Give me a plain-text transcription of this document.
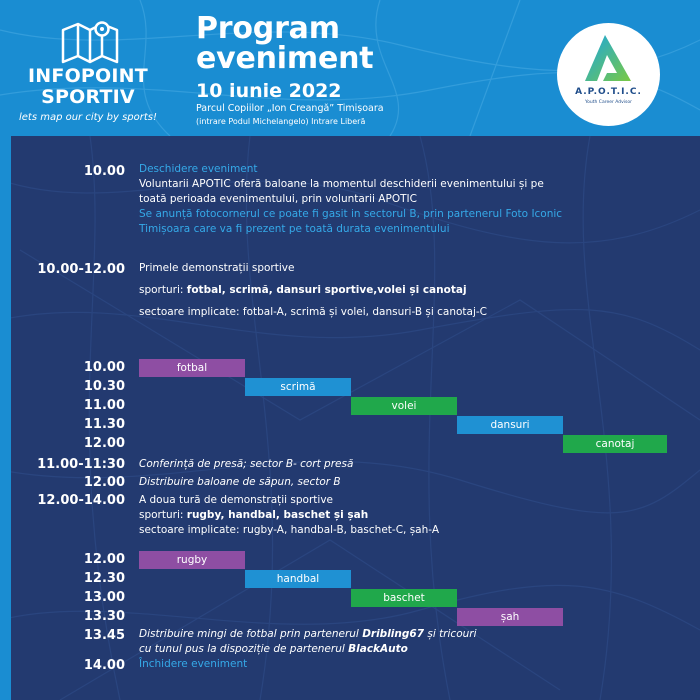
INFOPOINT
SPORTIV
lets map our city by sports!
Program
eveniment
10 iunie 2022
Parcul Copiilor „Ion Creangă” Timișoara
(intrare Podul Michelangelo) Intrare Liberă
A.P.O.T.I.C.
Youth Career Advisor
10.00 Deschidere eveniment
Voluntarii APOTIC oferă baloane la momentul deschiderii evenimentului și pe
toată perioada evenimentului, prin voluntarii APOTIC
Se anunță fotocornerul ce poate fi gasit in sectorul B, prin partenerul Foto Iconic
Timișoara care va fi prezent pe toată durata evenimentului
10.00-12.00 Primele demonstrații sportive
sporturi: fotbal, scrimă, dansuri sportive,volei și canotaj
sectoare implicate: fotbal-A, scrimă și volei, dansuri-B și canotaj-C
10.00
10.30
11.00
11.30
12.00
fotbal
scrimă
volei
dansuri
canotaj
11.00-11:30 Conferință de presă; sector B- cort presă
12.00 Distribuire baloane de săpun, sector B
12.00-14.00 A doua tură de demonstrații sportive
sporturi: rugby, handbal, baschet și șah
sectoare implicate: rugby-A, handbal-B, baschet-C, șah-A
12.00
12.30
13.00
13.30
rugby
handbal
baschet
șah
13.45 Distribuire mingi de fotbal prin partenerul Dribling67 și tricouri
cu tunul pus la dispoziție de partenerul BlackAuto
14.00 Închidere eveniment
